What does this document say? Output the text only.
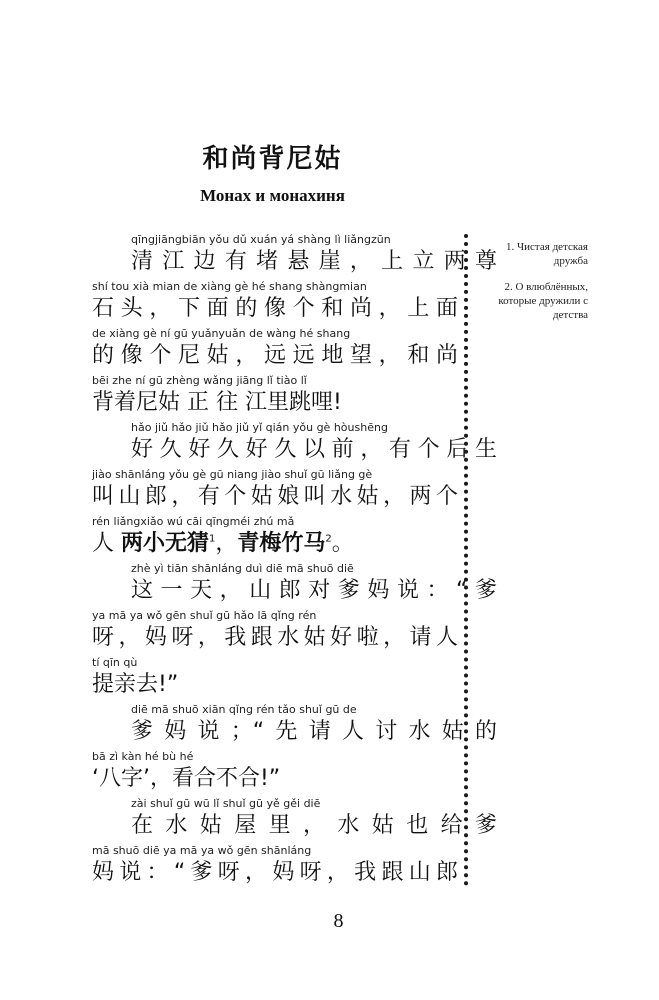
和尚背尼姑
Монах и монахиня
qīngjiāngbiān yǒu dǔ xuán yá shàng lì liǎngzūn
清江边有堵悬崖，上立两尊
shí tou xià mian de xiàng gè hé shang shàngmian
石头，下面的像个和尚，上面
de xiàng gè ní gū yuǎnyuǎn de wàng hé shang
的像个尼姑，远远地望，和尚
bēi zhe ní gū zhèng wǎng jiāng lǐ tiào lǐ
背着尼姑 正 往 江里跳哩!
hǎo jiǔ hǎo jiǔ hǎo jiǔ yǐ qián yǒu gè hòushēng
好久好久好久以前，有个后生
jiào shānláng yǒu gè gū niang jiào shuǐ gū liǎng gè
叫山郎，有个姑娘叫水姑，两个
rén liǎngxiǎo wú cāi qīngméi zhú mǎ
人 两小无猜$^1$，青梅竹马$^2$。
zhè yì tiān shānláng duì diē mā shuō diē
这一天，山郎对爹妈说：“爹
ya mā ya wǒ gēn shuǐ gū hǎo lā qǐng rén
呀，妈呀，我跟水姑好啦，请人
tí qīn qù
提亲去!”
diē mā shuō xiān qǐng rén tǎo shuǐ gū de
爹妈说；“先请人讨水姑的
bā zì kàn hé bù hé
‘八字’，看合不合!”
zài shuǐ gū wū lǐ shuǐ gū yě gěi diē
在水姑屋里，水姑也给爹
mā shuō diē ya mā ya wǒ gēn shānláng
妈说：“爹呀，妈呀，我跟山郎
1. Чистая детская дружба
2. О влюблённых, которые дружили с детства
8
